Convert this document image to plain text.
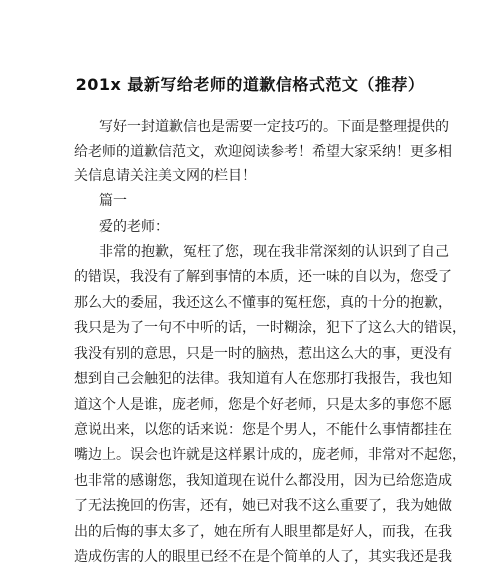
201x 最新写给老师的道歉信格式范文（推荐）

写好一封道歉信也是需要一定技巧的。下面是整理提供的

给老师的道歉信范文，欢迎阅读参考！希望大家采纳！更多相

关信息请关注美文网的栏目！

篇一

爱的老师：

非常的抱歉，冤枉了您，现在我非常深刻的认识到了自己

的错误，我没有了解到事情的本质，还一味的自以为，您受了

那么大的委屈，我还这么不懂事的冤枉您，真的十分的抱歉，

我只是为了一句不中听的话，一时糊涂，犯下了这么大的错误，

我没有别的意思，只是一时的脑热，惹出这么大的事，更没有

想到自己会触犯的法律。我知道有人在您那打我报告，我也知

道这个人是谁，庞老师，您是个好老师，只是太多的事您不愿

意说出来，以您的话来说：您是个男人，不能什么事情都挂在

嘴边上。误会也许就是这样累计成的，庞老师，非常对不起您，

也非常的感谢您，我知道现在说什么都没用，因为已给您造成

了无法挽回的伤害，还有，她已对我不这么重要了，我为她做

出的后悔的事太多了，她在所有人眼里都是好人，而我，在我

造成伤害的人的眼里已经不在是个简单的人了，其实我还是我
